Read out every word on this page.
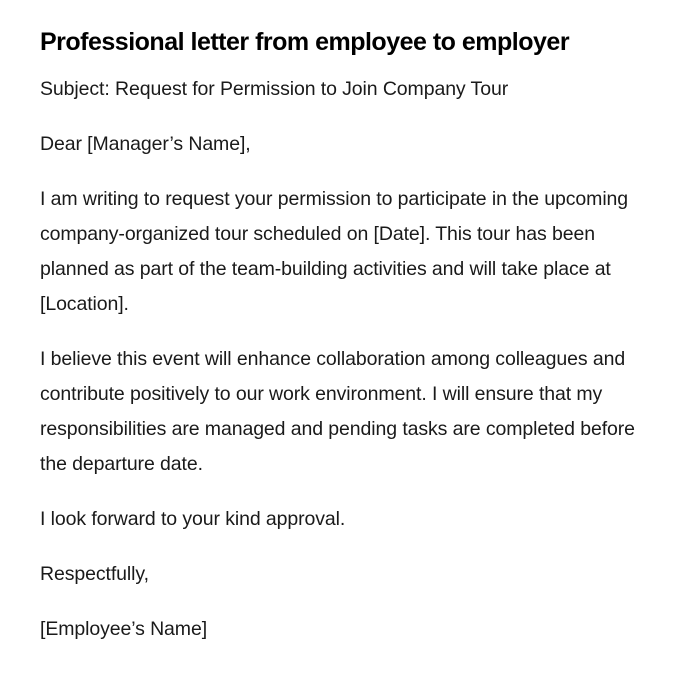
Professional letter from employee to employer

Subject: Request for Permission to Join Company Tour

Dear [Manager’s Name],

I am writing to request your permission to participate in the upcoming company-organized tour scheduled on [Date]. This tour has been planned as part of the team-building activities and will take place at [Location].

I believe this event will enhance collaboration among colleagues and contribute positively to our work environment. I will ensure that my responsibilities are managed and pending tasks are completed before the departure date.

I look forward to your kind approval.

Respectfully,

[Employee’s Name]
